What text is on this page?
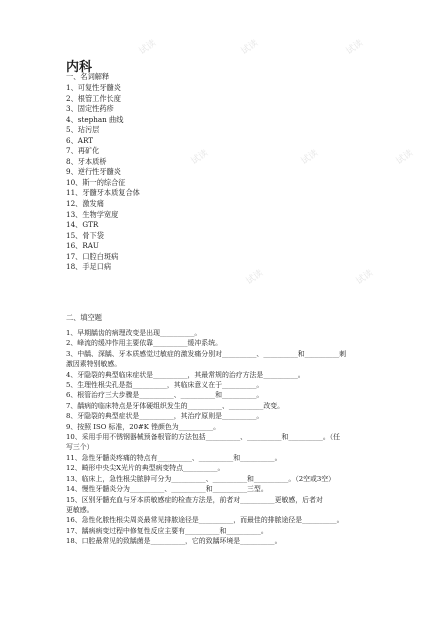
试读	试读	试读
试读	试读	试读
试读	试读
内科
一、名词解释
1、可复性牙髓炎
2、根管工作长度
3、固定性药疹
4、stephan 曲线
5、玷污层
6、ART
7、再矿化
8、牙本质桥
9、逆行性牙髓炎
10、斯一的综合征
11、牙髓牙本质复合体
12、激发痛
13、生物学宽度
14、GTR
15、骨下袋
16、RAU
17、口腔白斑病
18、手足口病
二、填空题
1、早期龋齿的病理改变是出现__________。
2、峰流的缓冲作用主要依靠__________缓冲系统。
3、中龋、深龋、牙本质感觉过敏症的激发痛分别对__________、__________和__________刺
激因素特别敏感。
4、牙隐裂的典型临床症状是__________，其最常规的治疗方法是__________。
5、生理性根尖孔是指__________，其临床意义在于__________。
6、根管治疗三大步骤是__________、__________和__________。
7、龋病的临床特点是牙体硬组织发生的__________、__________改变。
8、牙隐裂的典型症状是__________，其治疗原则是__________。
9、按照 ISO 标准，20#K 锉颜色为__________。
10、采用手用不锈钢器械预备根管的方法包括__________、__________和__________。（任
写三个）
11、急性牙髓炎疼痛的特点有__________、__________和__________。
12、畸形中央尖X光片的典型病变特点__________。
13、临床上，急性根尖脓肿可分为__________、__________和__________。（2空或3空）
14、慢性牙髓炎分为__________、__________和__________三型。
15、区别牙髓充血与牙本质敏感症的检查方法是，前者对__________更敏感，后者对
更敏感。
16、急性化脓性根尖周炎最常见排脓途径是__________，而最佳的排脓途径是__________。
17、龋病病变过程中修复性反应主要有__________和__________。
18、口腔最常见的致龋菌是__________，它的致龋环境是__________。
